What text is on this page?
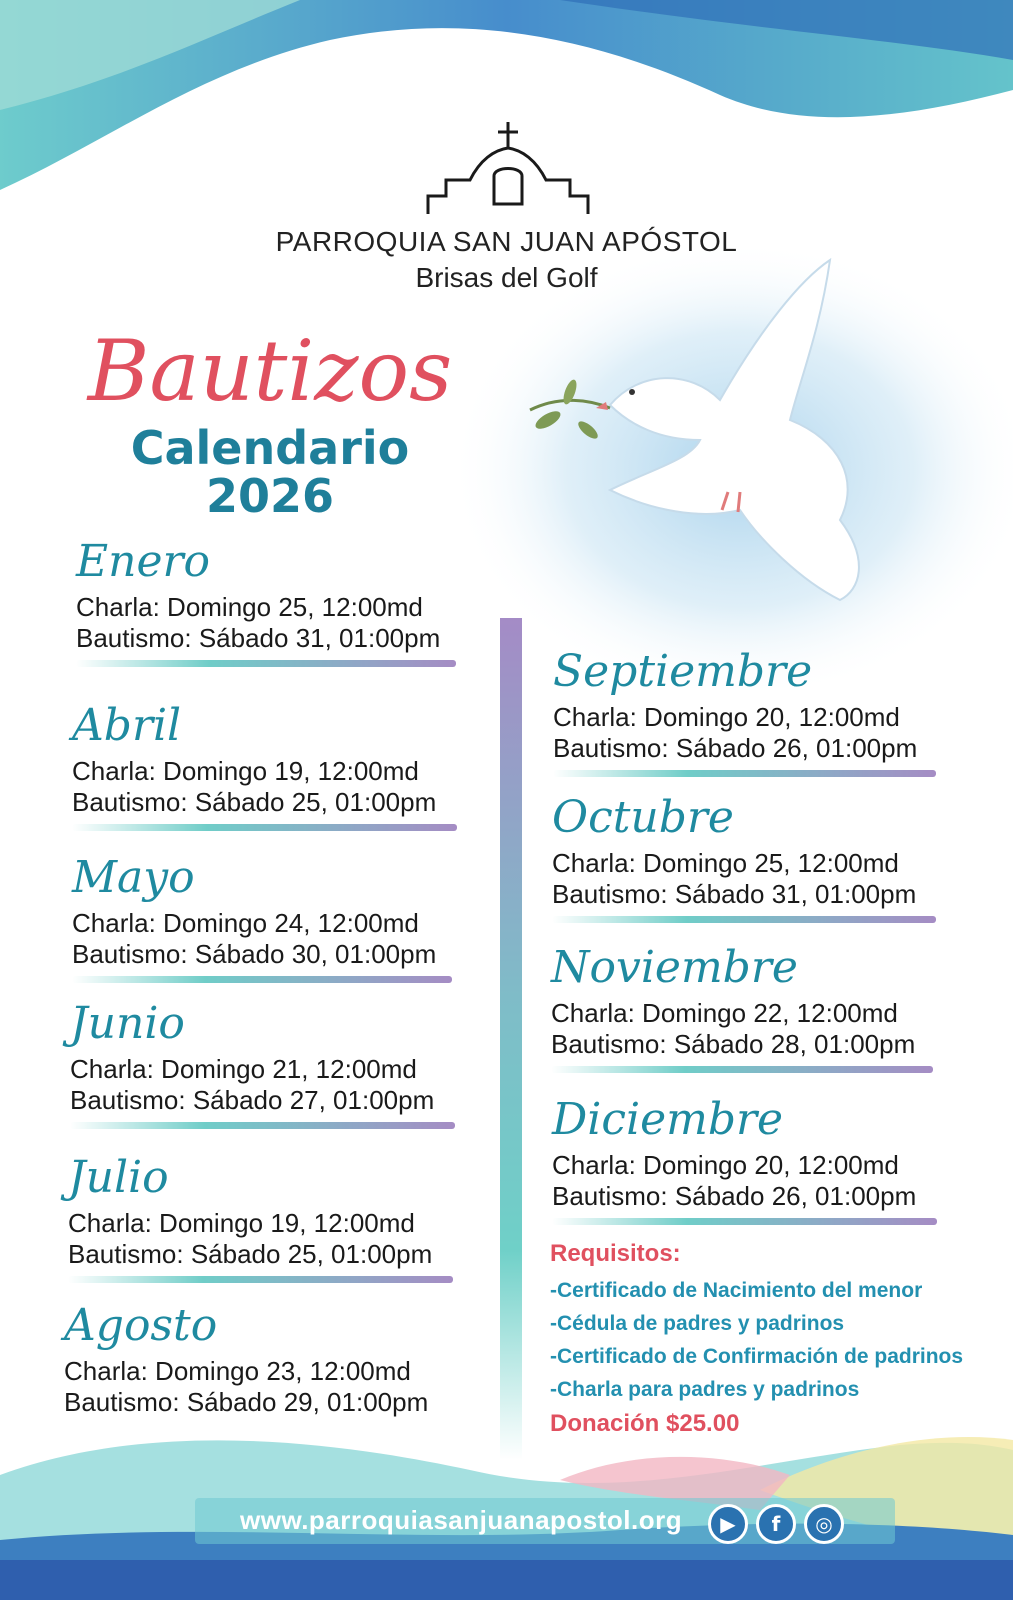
PARROQUIA SAN JUAN APÓSTOL
Brisas del Golf
Bautizos
Calendario
2026
Enero
Charla: Domingo 25, 12:00md
Bautismo: Sábado 31, 01:00pm
Abril
Charla: Domingo 19, 12:00md
Bautismo: Sábado 25, 01:00pm
Mayo
Charla: Domingo 24, 12:00md
Bautismo: Sábado 30, 01:00pm
Junio
Charla: Domingo 21, 12:00md
Bautismo: Sábado 27, 01:00pm
Julio
Charla: Domingo 19, 12:00md
Bautismo: Sábado 25, 01:00pm
Agosto
Charla: Domingo 23, 12:00md
Bautismo: Sábado 29, 01:00pm
Septiembre
Charla: Domingo 20, 12:00md
Bautismo: Sábado 26, 01:00pm
Octubre
Charla: Domingo 25, 12:00md
Bautismo: Sábado 31, 01:00pm
Noviembre
Charla: Domingo 22, 12:00md
Bautismo: Sábado 28, 01:00pm
Diciembre
Charla: Domingo 20, 12:00md
Bautismo: Sábado 26, 01:00pm
Requisitos:
-Certificado de Nacimiento del menor
-Cédula de padres y padrinos
-Certificado de Confirmación de padrinos
-Charla para padres y padrinos
Donación $25.00
www.parroquiasanjuanapostol.org	▶	f	◎
